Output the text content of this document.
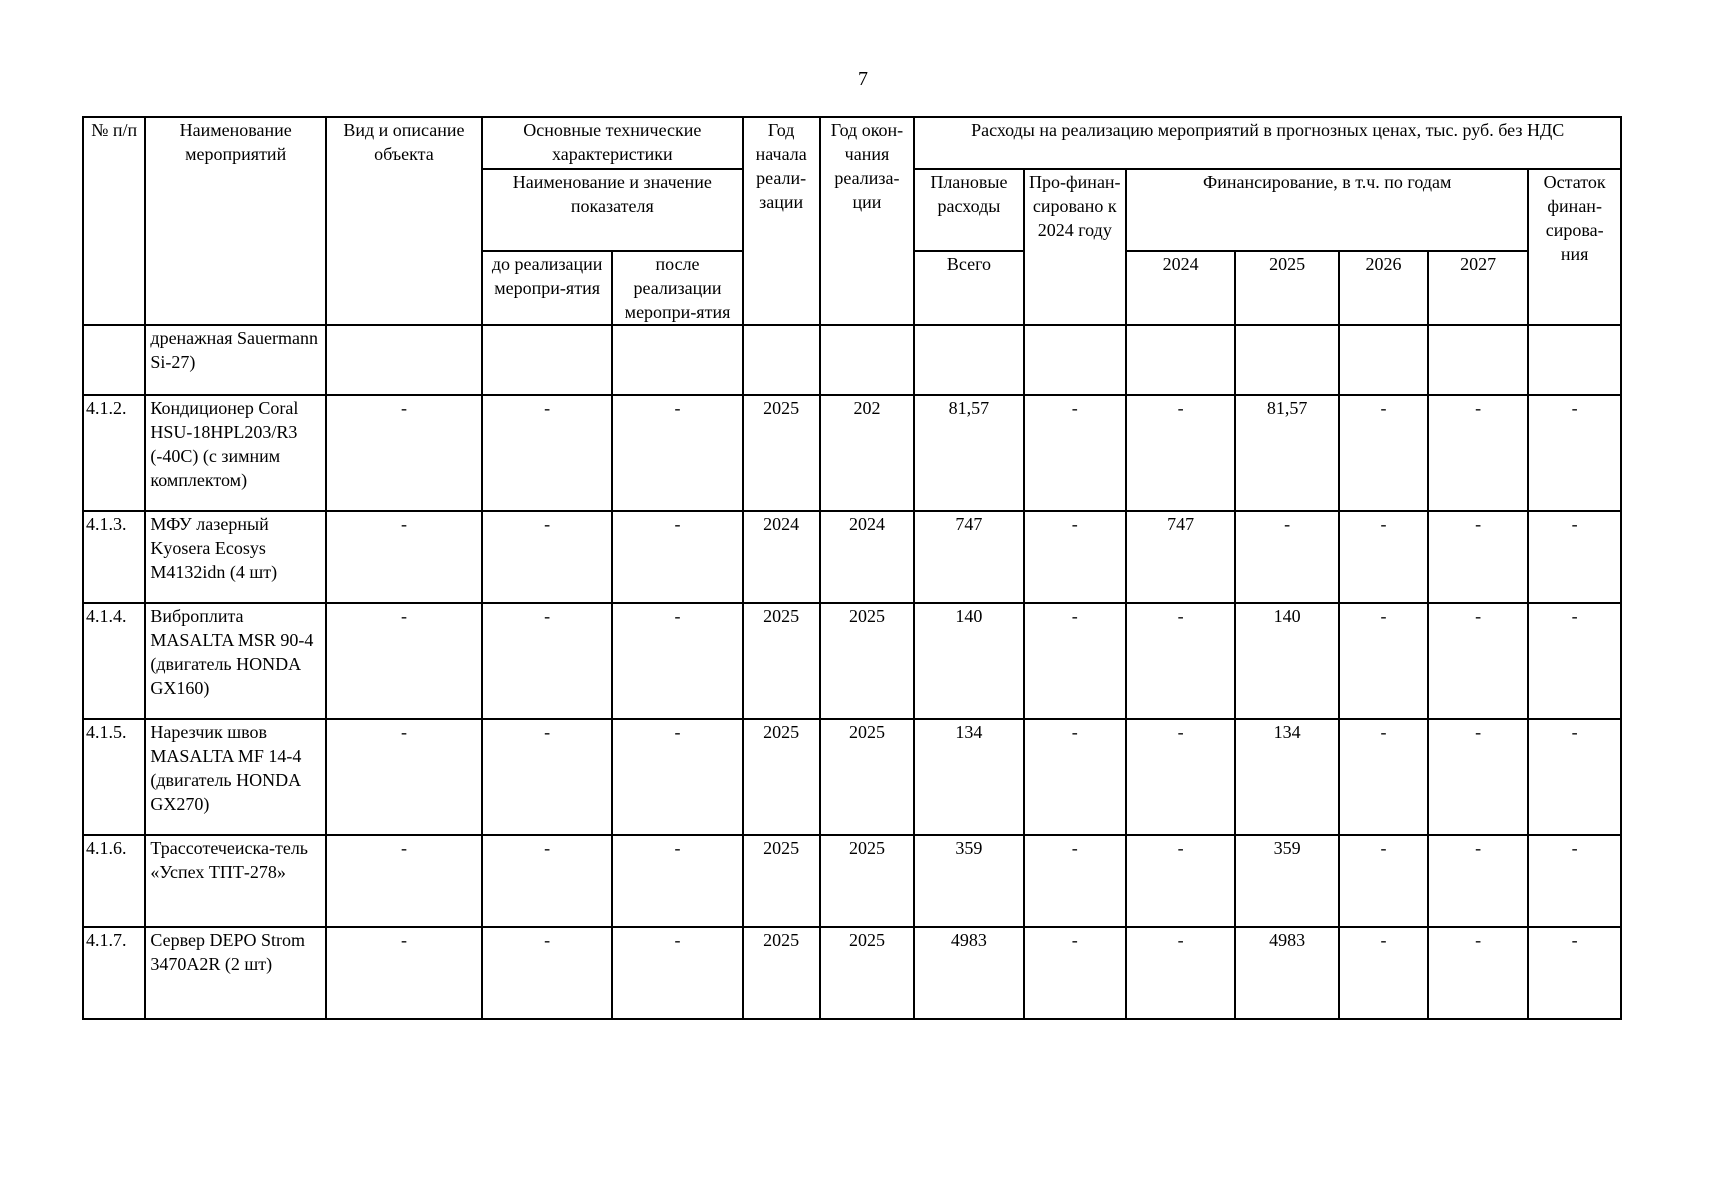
7
№ п/п	Наименование мероприятий	Вид и описание объекта	Основные технические характеристики		Год начала реали-зации	Год окон-чания реализа-ции	Расходы на реализацию мероприятий в прогнозных ценах, тыс. руб. без НДС						
			Наименование и значение показателя				Плановые расходы	Про-финан-сировано к 2024 году	Финансирование, в т.ч. по годам				Остаток финан-сирова-ния
			до реализации меропри-ятия	после реализации меропри-ятия			Всего						
									2024	2025	2026	2027	
	дренажная Sauermann Si-27)												
4.1.2.	Кондиционер Coral HSU-18HPL203/R3 (-40С) (с зимним комплектом)	-	-	-	2025	202	81,57	-	-	81,57	-	-	-
4.1.3.	МФУ лазерный Kyosera Ecosys M4132idn (4 шт)	-	-	-	2024	2024	747	-	747	-	-	-	-
4.1.4.	Виброплита MASALTA MSR 90-4 (двигатель HONDA GX160)	-	-	-	2025	2025	140	-	-	140	-	-	-
4.1.5.	Нарезчик швов MASALTA MF 14-4 (двигатель HONDA GX270)	-	-	-	2025	2025	134	-	-	134	-	-	-
4.1.6.	Трассотечеиска-тель «Успех ТПТ-278»	-	-	-	2025	2025	359	-	-	359	-	-	-
4.1.7.	Сервер DEPO Strom 3470A2R (2 шт)	-	-	-	2025	2025	4983	-	-	4983	-	-	-
